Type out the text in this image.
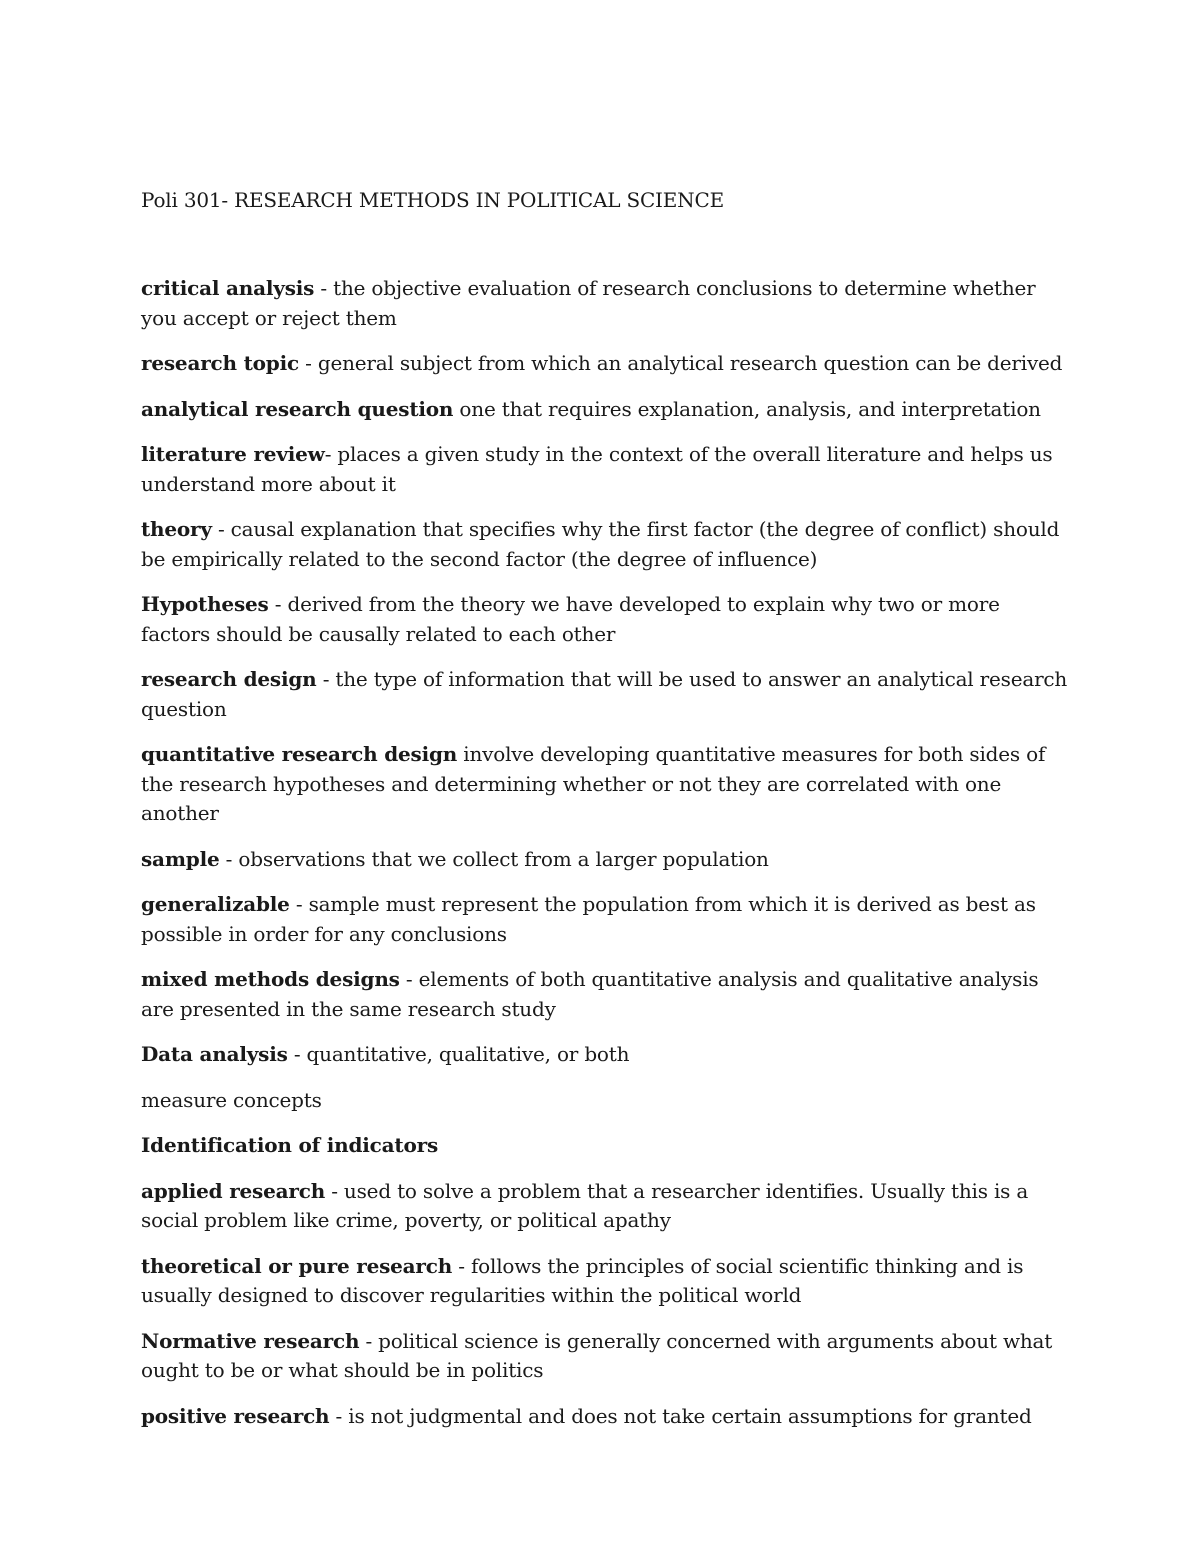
Poli 301- RESEARCH METHODS IN POLITICAL SCIENCE

critical analysis - the objective evaluation of research conclusions to determine whether you accept or reject them

research topic - general subject from which an analytical research question can be derived

analytical research question one that requires explanation, analysis, and interpretation

literature review- places a given study in the context of the overall literature and helps us understand more about it

theory - causal explanation that specifies why the first factor (the degree of conflict) should be empirically related to the second factor (the degree of influence)

Hypotheses - derived from the theory we have developed to explain why two or more factors should be causally related to each other

research design - the type of information that will be used to answer an analytical research question

quantitative research design involve developing quantitative measures for both sides of the research hypotheses and determining whether or not they are correlated with one another

sample - observations that we collect from a larger population

generalizable - sample must represent the population from which it is derived as best as possible in order for any conclusions

mixed methods designs - elements of both quantitative analysis and qualitative analysis are presented in the same research study

Data analysis - quantitative, qualitative, or both

measure concepts

Identification of indicators

applied research - used to solve a problem that a researcher identifies. Usually this is a social problem like crime, poverty, or political apathy

theoretical or pure research - follows the principles of social scientific thinking and is usually designed to discover regularities within the political world

Normative research - political science is generally concerned with arguments about what ought to be or what should be in politics

positive research - is not judgmental and does not take certain assumptions for granted
